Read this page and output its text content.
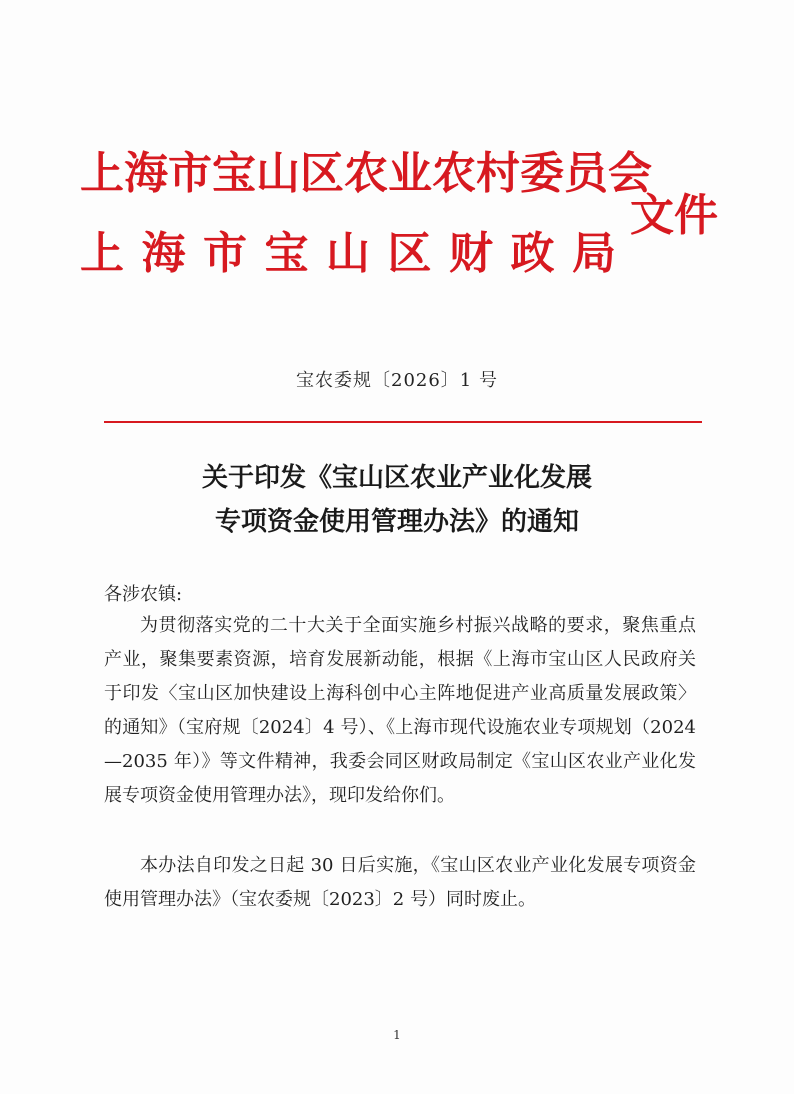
上海市宝山区农业农村委员会
上海市宝山区财政局
文件
宝农委规〔2026〕1 号
关于印发《宝山区农业产业化发展
专项资金使用管理办法》的通知
各涉农镇:

为贯彻落实党的二十大关于全面实施乡村振兴战略的要求，聚焦重点产业，聚集要素资源，培育发展新动能，根据《上海市宝山区人民政府关于印发〈宝山区加快建设上海科创中心主阵地促进产业高质量发展政策〉的通知》（宝府规〔2024〕4 号）、《上海市现代设施农业专项规划（2024—2035 年）》等文件精神，我委会同区财政局制定《宝山区农业产业化发展专项资金使用管理办法》，现印发给你们。

本办法自印发之日起 30 日后实施，《宝山区农业产业化发展专项资金使用管理办法》（宝农委规〔2023〕2 号）同时废止。

1
